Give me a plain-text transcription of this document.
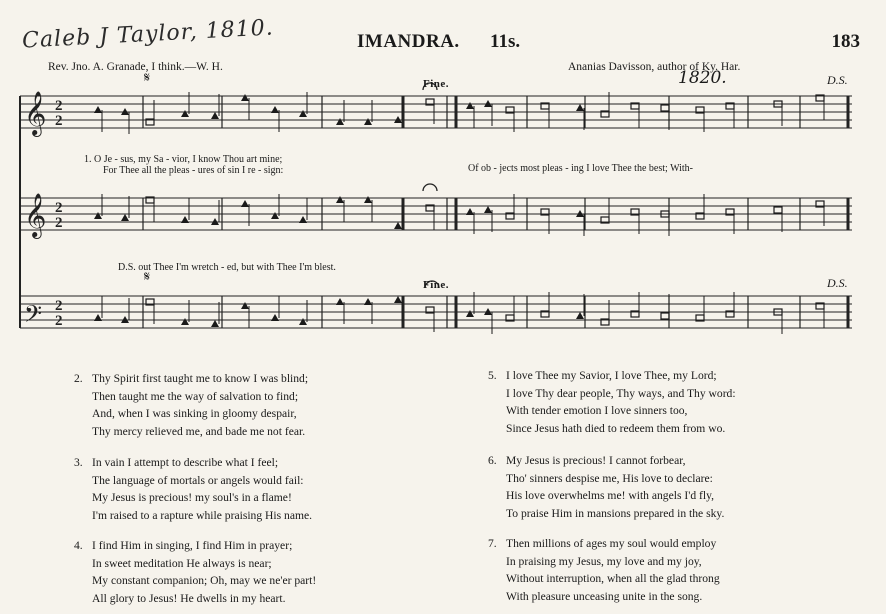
Caleb J Taylor, 1810.	IMANDRA. 11s.	183
Rev. Jno. A. Granade, I think.—W. H.	Ananias Davisson, author of Ky. Har.
1820.
𝄋
𝄋
𝄞 2
2
𝄞 2
2
𝄢 2
2
Fine.	D.S.
Fine.	D.S.
1. O Je - sus, my Sa - vior, I know Thou art mine;
For Thee all the pleas - ures of sin I re - sign:	Of ob - jects most pleas - ing I love Thee the best; With-
D.S. out Thee I'm wretch - ed, but with Thee I'm blest.
2. Thy Spirit first taught me to know I was blind;
Then taught me the way of salvation to find;
And, when I was sinking in gloomy despair,
Thy mercy relieved me, and bade me not fear.
3. In vain I attempt to describe what I feel;
The language of mortals or angels would fail:
My Jesus is precious! my soul's in a flame!
I'm raised to a rapture while praising His name.
4. I find Him in singing, I find Him in prayer;
In sweet meditation He always is near;
My constant companion; Oh, may we ne'er part!
All glory to Jesus! He dwells in my heart.
5. I love Thee my Savior, I love Thee, my Lord;
I love Thy dear people, Thy ways, and Thy word:
With tender emotion I love sinners too,
Since Jesus hath died to redeem them from wo.
6. My Jesus is precious! I cannot forbear,
Tho' sinners despise me, His love to declare:
His love overwhelms me! with angels I'd fly,
To praise Him in mansions prepared in the sky.
7. Then millions of ages my soul would employ
In praising my Jesus, my love and my joy,
Without interruption, when all the glad throng
With pleasure unceasing unite in the song.
